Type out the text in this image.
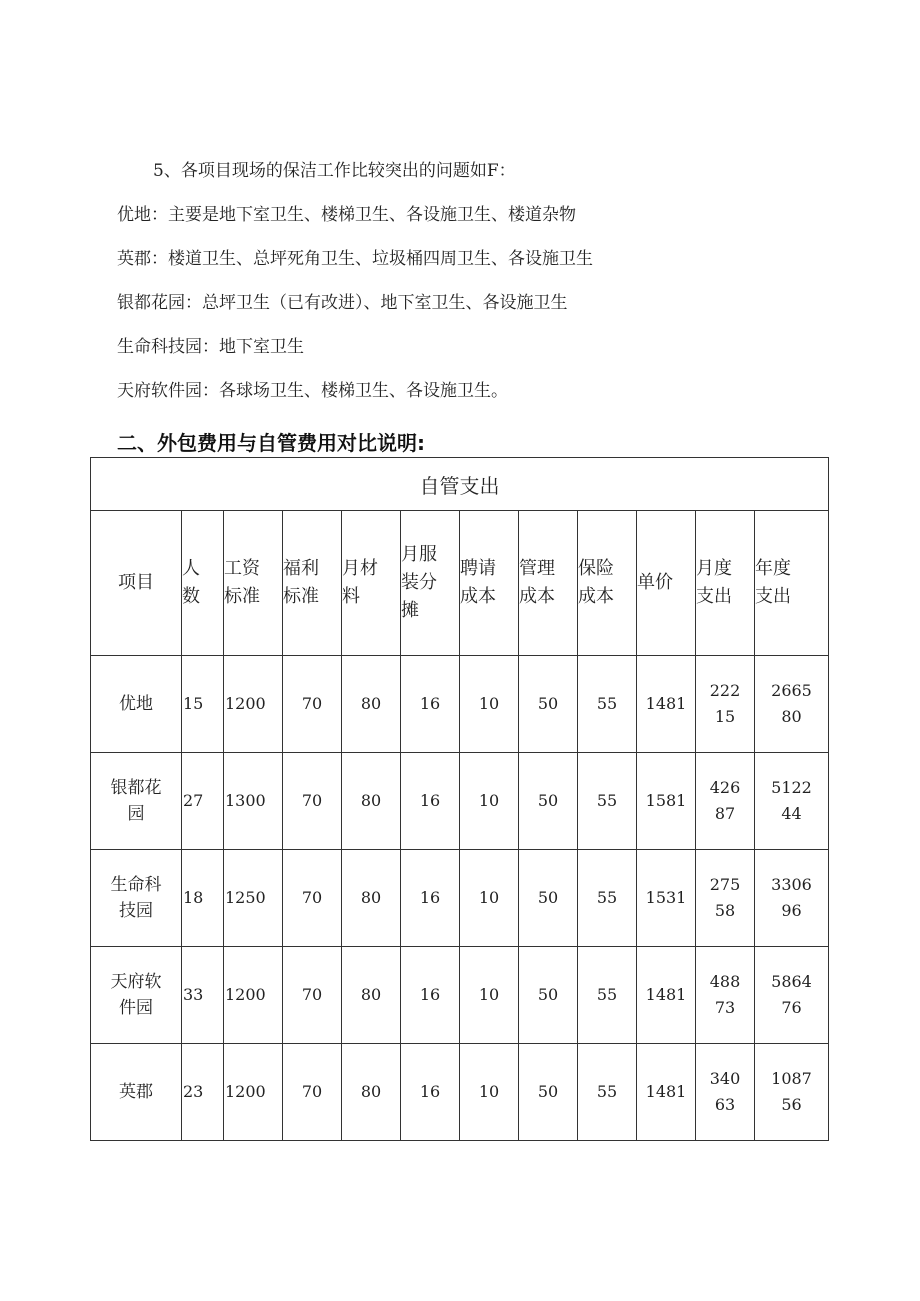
5、各项目现场的保洁工作比较突出的问题如F：
优地：主要是地下室卫生、楼梯卫生、各设施卫生、楼道杂物
英郡：楼道卫生、总坪死角卫生、垃圾桶四周卫生、各设施卫生
银都花园：总坪卫生（已有改进）、地下室卫生、各设施卫生
生命科技园：地下室卫生
天府软件园：各球场卫生、楼梯卫生、各设施卫生。
二、外包费用与自管费用对比说明:
自管支出											
项目	人数	工资标准	福利标准	月材料	月服装分摊	聘请成本	管理成本	保险成本	单价	月度支出	年度支出
优地	15	1200	70	80	16	10	50	55	1481	22215	266580
银都花园	27	1300	70	80	16	10	50	55	1581	42687	512244
生命科技园	18	1250	70	80	16	10	50	55	1531	27558	330696
天府软件园	33	1200	70	80	16	10	50	55	1481	48873	586476
英郡	23	1200	70	80	16	10	50	55	1481	34063	108756
